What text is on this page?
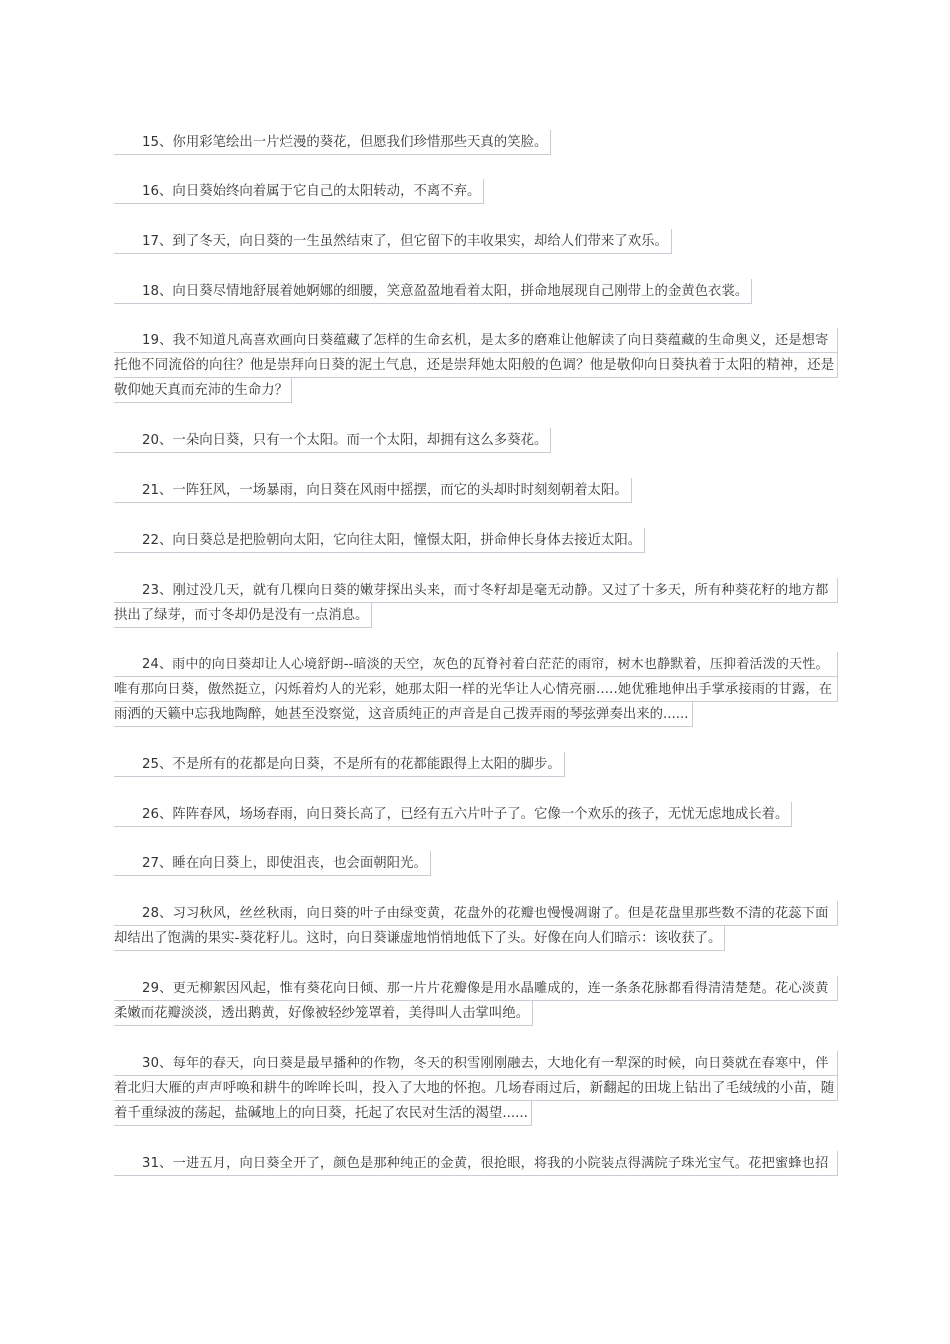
15、你用彩笔绘出一片烂漫的葵花，但愿我们珍惜那些天真的笑脸。
16、向日葵始终向着属于它自己的太阳转动，不离不弃。
17、到了冬天，向日葵的一生虽然结束了，但它留下的丰收果实，却给人们带来了欢乐。
18、向日葵尽情地舒展着她婀娜的细腰，笑意盈盈地看着太阳，拼命地展现自己刚带上的金黄色衣裳。
19、我不知道凡高喜欢画向日葵蕴藏了怎样的生命玄机，是太多的磨难让他解读了向日葵蕴藏的生命奥义，还是想寄
托他不同流俗的向往？他是崇拜向日葵的泥土气息，还是崇拜她太阳般的色调？他是敬仰向日葵执着于太阳的精神，还是
敬仰她天真而充沛的生命力？
20、一朵向日葵，只有一个太阳。而一个太阳，却拥有这么多葵花。
21、一阵狂风，一场暴雨，向日葵在风雨中摇摆，而它的头却时时刻刻朝着太阳。
22、向日葵总是把脸朝向太阳，它向往太阳，憧憬太阳，拼命伸长身体去接近太阳。
23、刚过没几天，就有几棵向日葵的嫩芽探出头来，而寸冬籽却是毫无动静。又过了十多天，所有种葵花籽的地方都
拱出了绿芽，而寸冬却仍是没有一点消息。
24、雨中的向日葵却让人心境舒朗--暗淡的天空，灰色的瓦脊衬着白茫茫的雨帘，树木也静默着，压抑着活泼的天性。
唯有那向日葵，傲然挺立，闪烁着灼人的光彩，她那太阳一样的光华让人心情亮丽.....她优雅地伸出手掌承接雨的甘露，在
雨洒的天籁中忘我地陶醉，她甚至没察觉，这音质纯正的声音是自己拨弄雨的琴弦弹奏出来的......
25、不是所有的花都是向日葵，不是所有的花都能跟得上太阳的脚步。
26、阵阵春风，场场春雨，向日葵长高了，已经有五六片叶子了。它像一个欢乐的孩子，无忧无虑地成长着。
27、睡在向日葵上，即使沮丧，也会面朝阳光。
28、习习秋风，丝丝秋雨，向日葵的叶子由绿变黄，花盘外的花瓣也慢慢凋谢了。但是花盘里那些数不清的花蕊下面
却结出了饱满的果实-葵花籽儿。这时，向日葵谦虚地悄悄地低下了头。好像在向人们暗示：该收获了。
29、更无柳絮因风起，惟有葵花向日倾、那一片片花瓣像是用水晶雕成的，连一条条花脉都看得清清楚楚。花心淡黄
柔嫩而花瓣淡淡，透出鹅黄，好像被轻纱笼罩着，美得叫人击掌叫绝。
30、每年的春天，向日葵是最早播种的作物，冬天的积雪刚刚融去，大地化有一犁深的时候，向日葵就在春寒中，伴
着北归大雁的声声呼唤和耕牛的哞哞长叫，投入了大地的怀抱。几场春雨过后，新翻起的田垅上钻出了毛绒绒的小苗，随
着千重绿波的荡起，盐碱地上的向日葵，托起了农民对生活的渴望......
31、一进五月，向日葵全开了，颜色是那种纯正的金黄，很抢眼，将我的小院装点得满院子珠光宝气。花把蜜蜂也招
